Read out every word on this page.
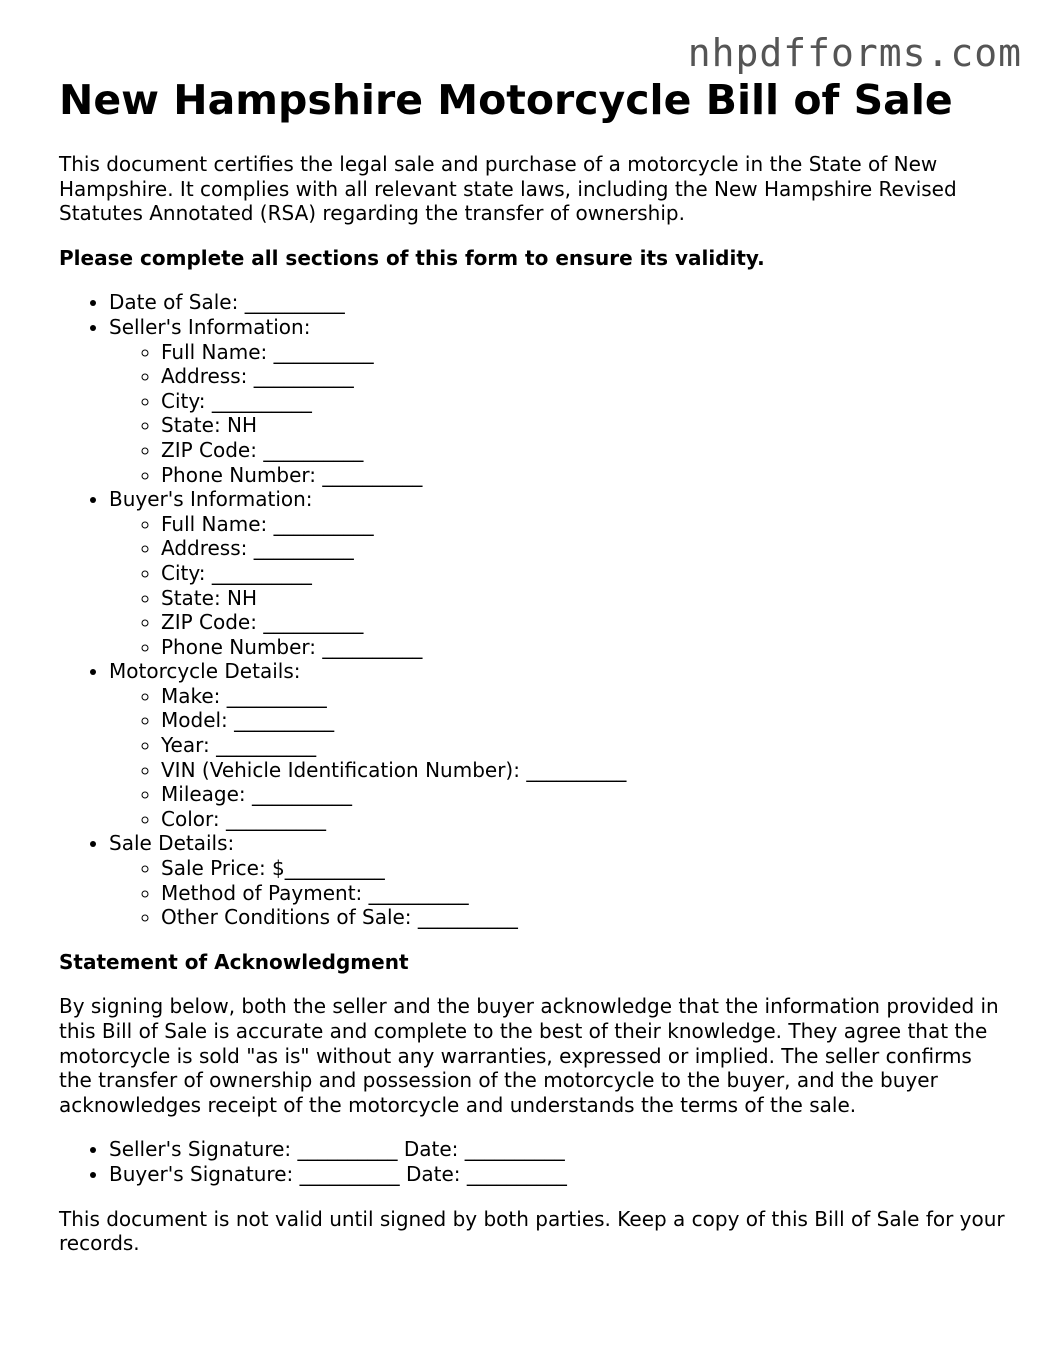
nhpdfforms.com
New Hampshire Motorcycle Bill of Sale

This document certifies the legal sale and purchase of a motorcycle in the State of New Hampshire. It complies with all relevant state laws, including the New Hampshire Revised Statutes Annotated (RSA) regarding the transfer of ownership.

Please complete all sections of this form to ensure its validity.

• Date of Sale: __________
• Seller's Information:
◦ Full Name: __________
◦ Address: __________
◦ City: __________
◦ State: NH
◦ ZIP Code: __________
◦ Phone Number: __________
• Buyer's Information:
◦ Full Name: __________
◦ Address: __________
◦ City: __________
◦ State: NH
◦ ZIP Code: __________
◦ Phone Number: __________
• Motorcycle Details:
◦ Make: __________
◦ Model: __________
◦ Year: __________
◦ VIN (Vehicle Identification Number): __________
◦ Mileage: __________
◦ Color: __________
• Sale Details:
◦ Sale Price: $__________
◦ Method of Payment: __________
◦ Other Conditions of Sale: __________

Statement of Acknowledgment

By signing below, both the seller and the buyer acknowledge that the information provided in this Bill of Sale is accurate and complete to the best of their knowledge. They agree that the motorcycle is sold "as is" without any warranties, expressed or implied. The seller confirms the transfer of ownership and possession of the motorcycle to the buyer, and the buyer acknowledges receipt of the motorcycle and understands the terms of the sale.

• Seller's Signature: __________ Date: __________
• Buyer's Signature: __________ Date: __________

This document is not valid until signed by both parties. Keep a copy of this Bill of Sale for your records.
